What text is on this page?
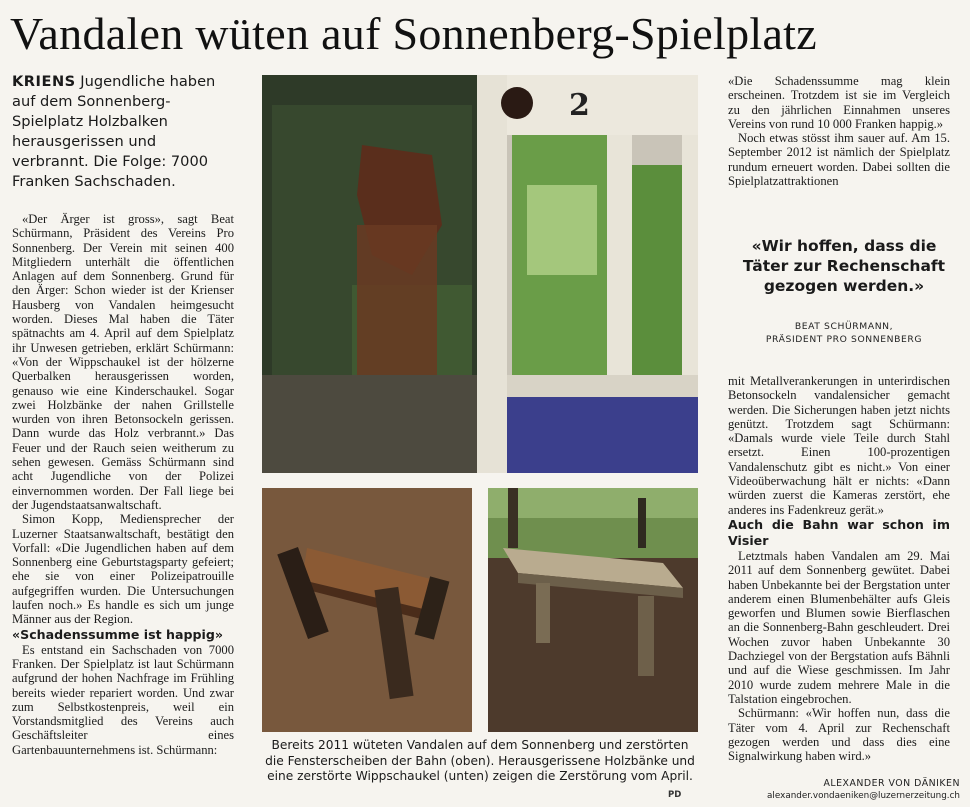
Vandalen wüten auf Sonnenberg-Spielplatz
KRIENS Jugendliche haben auf dem Sonnenberg-Spielplatz Holzbalken herausgerissen und verbrannt. Die Folge: 7000 Franken Sachschaden.

«Der Ärger ist gross», sagt Beat Schürmann, Präsident des Vereins Pro Sonnenberg. Der Verein mit seinen 400 Mitgliedern unterhält die öffentlichen Anlagen auf dem Sonnenberg. Grund für den Ärger: Schon wieder ist der Krienser Hausberg von Vandalen heimgesucht worden. Dieses Mal haben die Täter spätnachts am 4. April auf dem Spielplatz ihr Unwesen getrieben, erklärt Schürmann: «Von der Wippschaukel ist der hölzerne Querbalken herausgerissen worden, genauso wie eine Kinderschaukel. Sogar zwei Holzbänke der nahen Grillstelle wurden von ihren Betonsockeln gerissen. Dann wurde das Holz verbrannt.» Das Feuer und der Rauch seien weitherum zu sehen gewesen. Gemäss Schürmann sind acht Jugendliche von der Polizei einvernommen worden. Der Fall liege bei der Jugendstaatsanwaltschaft.

Simon Kopp, Mediensprecher der Luzerner Staatsanwaltschaft, bestätigt den Vorfall: «Die Jugendlichen haben auf dem Sonnenberg eine Geburtstagsparty gefeiert; ehe sie von einer Polizeipatrouille aufgegriffen wurden. Die Untersuchungen laufen noch.» Es handle es sich um junge Männer aus der Region.

«Schadenssumme ist happig»

Es entstand ein Sachschaden von 7000 Franken. Der Spielplatz ist laut Schürmann aufgrund der hohen Nachfrage im Frühling bereits wieder repariert worden. Und zwar zum Selbstkostenpreis, weil ein Vorstandsmitglied des Vereins auch Geschäftsleiter eines Gartenbauunternehmens ist. Schürmann:

2
Bereits 2011 wüteten Vandalen auf dem Sonnenberg und zerstörten die Fensterscheiben der Bahn (oben). Herausgerissene Holzbänke und eine zerstörte Wippschaukel (unten) zeigen die Zerstörung vom April.
PD

«Die Schadenssumme mag klein erscheinen. Trotzdem ist sie im Vergleich zu den jährlichen Einnahmen unseres Vereins von rund 10 000 Franken happig.»

Noch etwas stösst ihm sauer auf. Am 15. September 2012 ist nämlich der Spielplatz rundum erneuert worden. Dabei sollten die Spielplatzattraktionen

«Wir hoffen, dass die Täter zur Rechenschaft gezogen werden.»
BEAT SCHÜRMANN,
PRÄSIDENT PRO SONNENBERG

mit Metallverankerungen in unterirdischen Betonsockeln vandalensicher gemacht werden. Die Sicherungen haben jetzt nichts genützt. Trotzdem sagt Schürmann: «Damals wurde viele Teile durch Stahl ersetzt. Einen 100-prozentigen Vandalenschutz gibt es nicht.» Von einer Videoüberwachung hält er nichts: «Dann würden zuerst die Kameras zerstört, ehe anderes ins Fadenkreuz gerät.»

Auch die Bahn war schon im Visier

Letztmals haben Vandalen am 29. Mai 2011 auf dem Sonnenberg gewütet. Dabei haben Unbekannte bei der Bergstation unter anderem einen Blumenbehälter aufs Gleis geworfen und Blumen sowie Bierflaschen an die Sonnenberg-Bahn geschleudert. Drei Wochen zuvor haben Unbekannte 30 Dachziegel von der Bergstation aufs Bähnli und auf die Wiese geschmissen. Im Jahr 2010 wurde zudem mehrere Male in die Talstation eingebrochen.

Schürmann: «Wir hoffen nun, dass die Täter vom 4. April zur Rechenschaft gezogen werden und dass dies eine Signalwirkung haben wird.»

ALEXANDER VON DÄNIKEN
alexander.vondaeniken@luzernerzeitung.ch
